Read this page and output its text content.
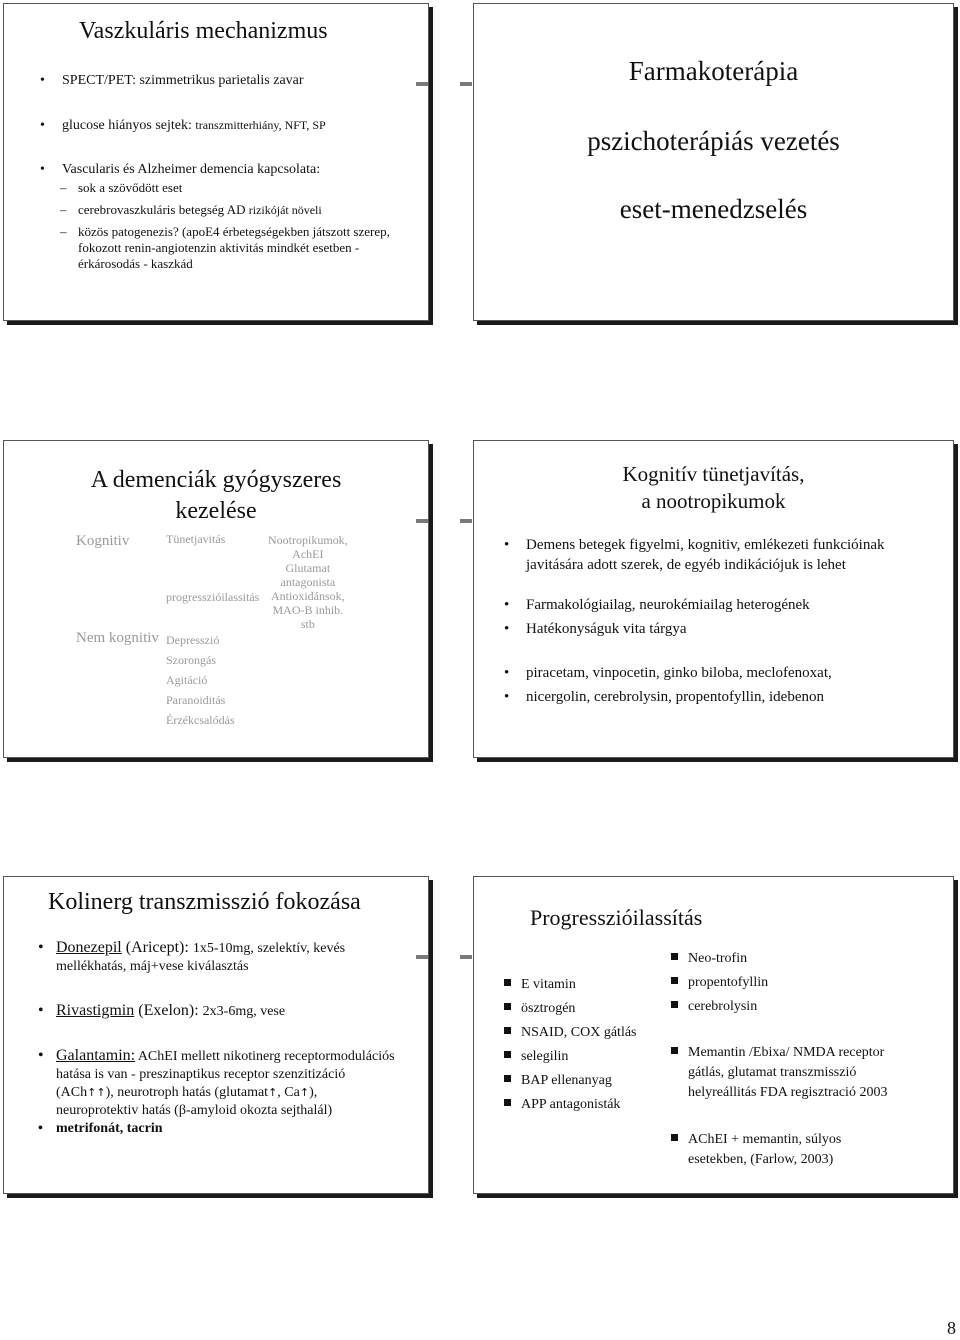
Vaszkuláris mechanizmus
• SPECT/PET: szimmetrikus parietalis zavar
• glucose hiányos sejtek: transzmitterhiány, NFT, SP
• Vascularis és Alzheimer demencia kapcsolata:
– sok a szövődött eset
– cerebrovaszkuláris betegség AD rizikóját növeli
– közös patogenezis? (apoE4 érbetegségekben játszott szerep, fokozott renin-angiotenzin aktivitás mindkét esetben - érkárosodás - kaszkád
Farmakoterápia
pszichoterápiás vezetés
eset-menedzselés
A demenciák gyógyszeres
kezelése
Kognitiv	Tünetjavitás	Nootropikumok,
AchEI
Glutamat
antagonista
Antioxidánsok,
MAO-B inhib.
stb
progresszióilassitás
Nem kognitiv Depresszió
Szorongás
Agitáció
Paranoiditás
Érzékcsalódás
Kognitív tünetjavítás,
a nootropikumok
• Demens betegek figyelmi, kognitiv, emlékezeti funkcióinak javitására adott szerek, de egyéb indikációjuk is lehet
• Farmakológiailag, neurokémiailag heterogének
• Hatékonyságuk vita tárgya
• piracetam, vinpocetin, ginko biloba, meclofenoxat,
• nicergolin, cerebrolysin, propentofyllin, idebenon
Kolinerg transzmisszió fokozása
• Donezepil (Aricept): 1x5-10mg, szelektív, kevés mellékhatás, máj+vese kiválasztás
• Rivastigmin (Exelon): 2x3-6mg, vese
• Galantamin: AChEI mellett nikotinerg receptormodulációs hatása is van - preszinaptikus receptor szenzitizáció (ACh↑↑), neurotroph hatás (glutamat↑, Ca↑), neuroprotektiv hatás (β-amyloid okozta sejthalál)
• metrifonát, tacrin
Progresszióilassítás
E vitamin
ösztrogén
NSAID, COX gátlás
selegilin
BAP ellenanyag
APP antagonisták
Neo-trofin
propentofyllin
cerebrolysin
Memantin /Ebixa/ NMDA receptor gátlás, glutamat transzmisszió helyreállitás FDA regisztració 2003
AChEI + memantin, súlyos esetekben, (Farlow, 2003)
8
